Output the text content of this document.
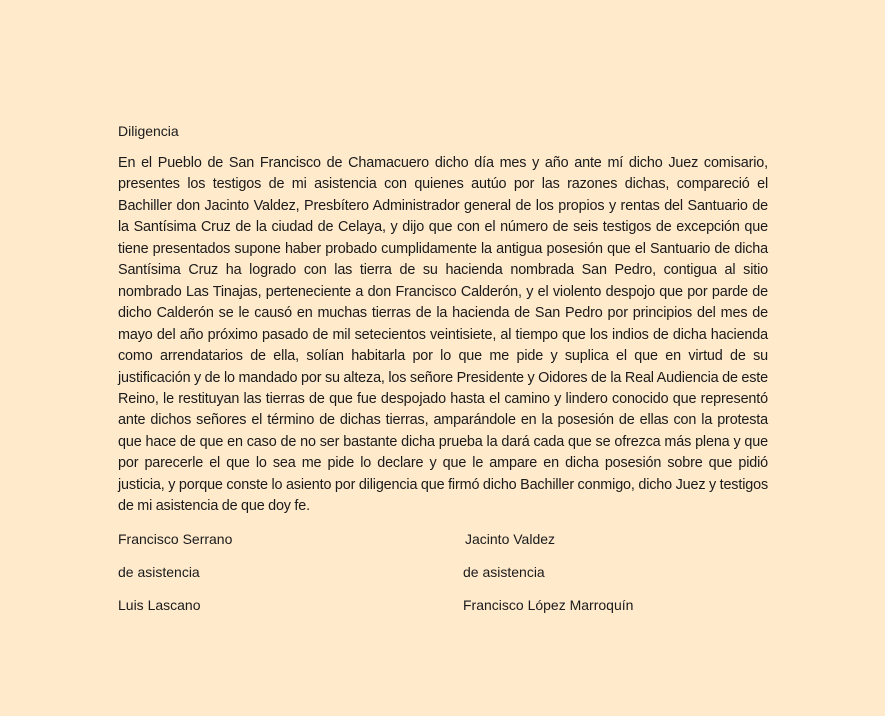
Diligencia

En el Pueblo de San Francisco de Chamacuero dicho día mes y año ante mí dicho Juez comisario, presentes los testigos de mi asistencia con quienes autúo por las razones dichas, compareció el Bachiller don Jacinto Valdez, Presbítero Administrador general de los propios y rentas del Santuario de la Santísima Cruz de la ciudad de Celaya, y dijo que con el número de seis testigos de excepción que tiene presentados supone haber probado cumplidamente la antigua posesión que el Santuario de dicha Santísima Cruz ha logrado con las tierra de su hacienda nombrada San Pedro, contigua al sitio nombrado Las Tinajas, perteneciente a don Francisco Calderón, y el violento despojo que por parde de dicho Calderón se le causó en muchas tierras de la hacienda de San Pedro por principios del mes de mayo del año próximo pasado de mil setecientos veintisiete, al tiempo que los indios de dicha hacienda como arrendatarios de ella, solían habitarla por lo que me pide y suplica el que en virtud de su justificación y de lo mandado por su alteza, los señore Presidente y Oidores de la Real Audiencia de este Reino, le restituyan las tierras de que fue despojado hasta el camino y lindero conocido que representó ante dichos señores el término de dichas tierras, amparándole en la posesión de ellas con la protesta que hace de que en caso de no ser bastante dicha prueba la dará cada que se ofrezca más plena y que por parecerle el que lo sea me pide lo declare y que le ampare en dicha posesión sobre que pidió justicia, y porque conste lo asiento por diligencia que firmó dicho Bachiller conmigo, dicho Juez y testigos de mi asistencia de que doy fe.

Francisco Serrano	Jacinto Valdez
de asistencia	de asistencia
Luis Lascano	Francisco López Marroquín
